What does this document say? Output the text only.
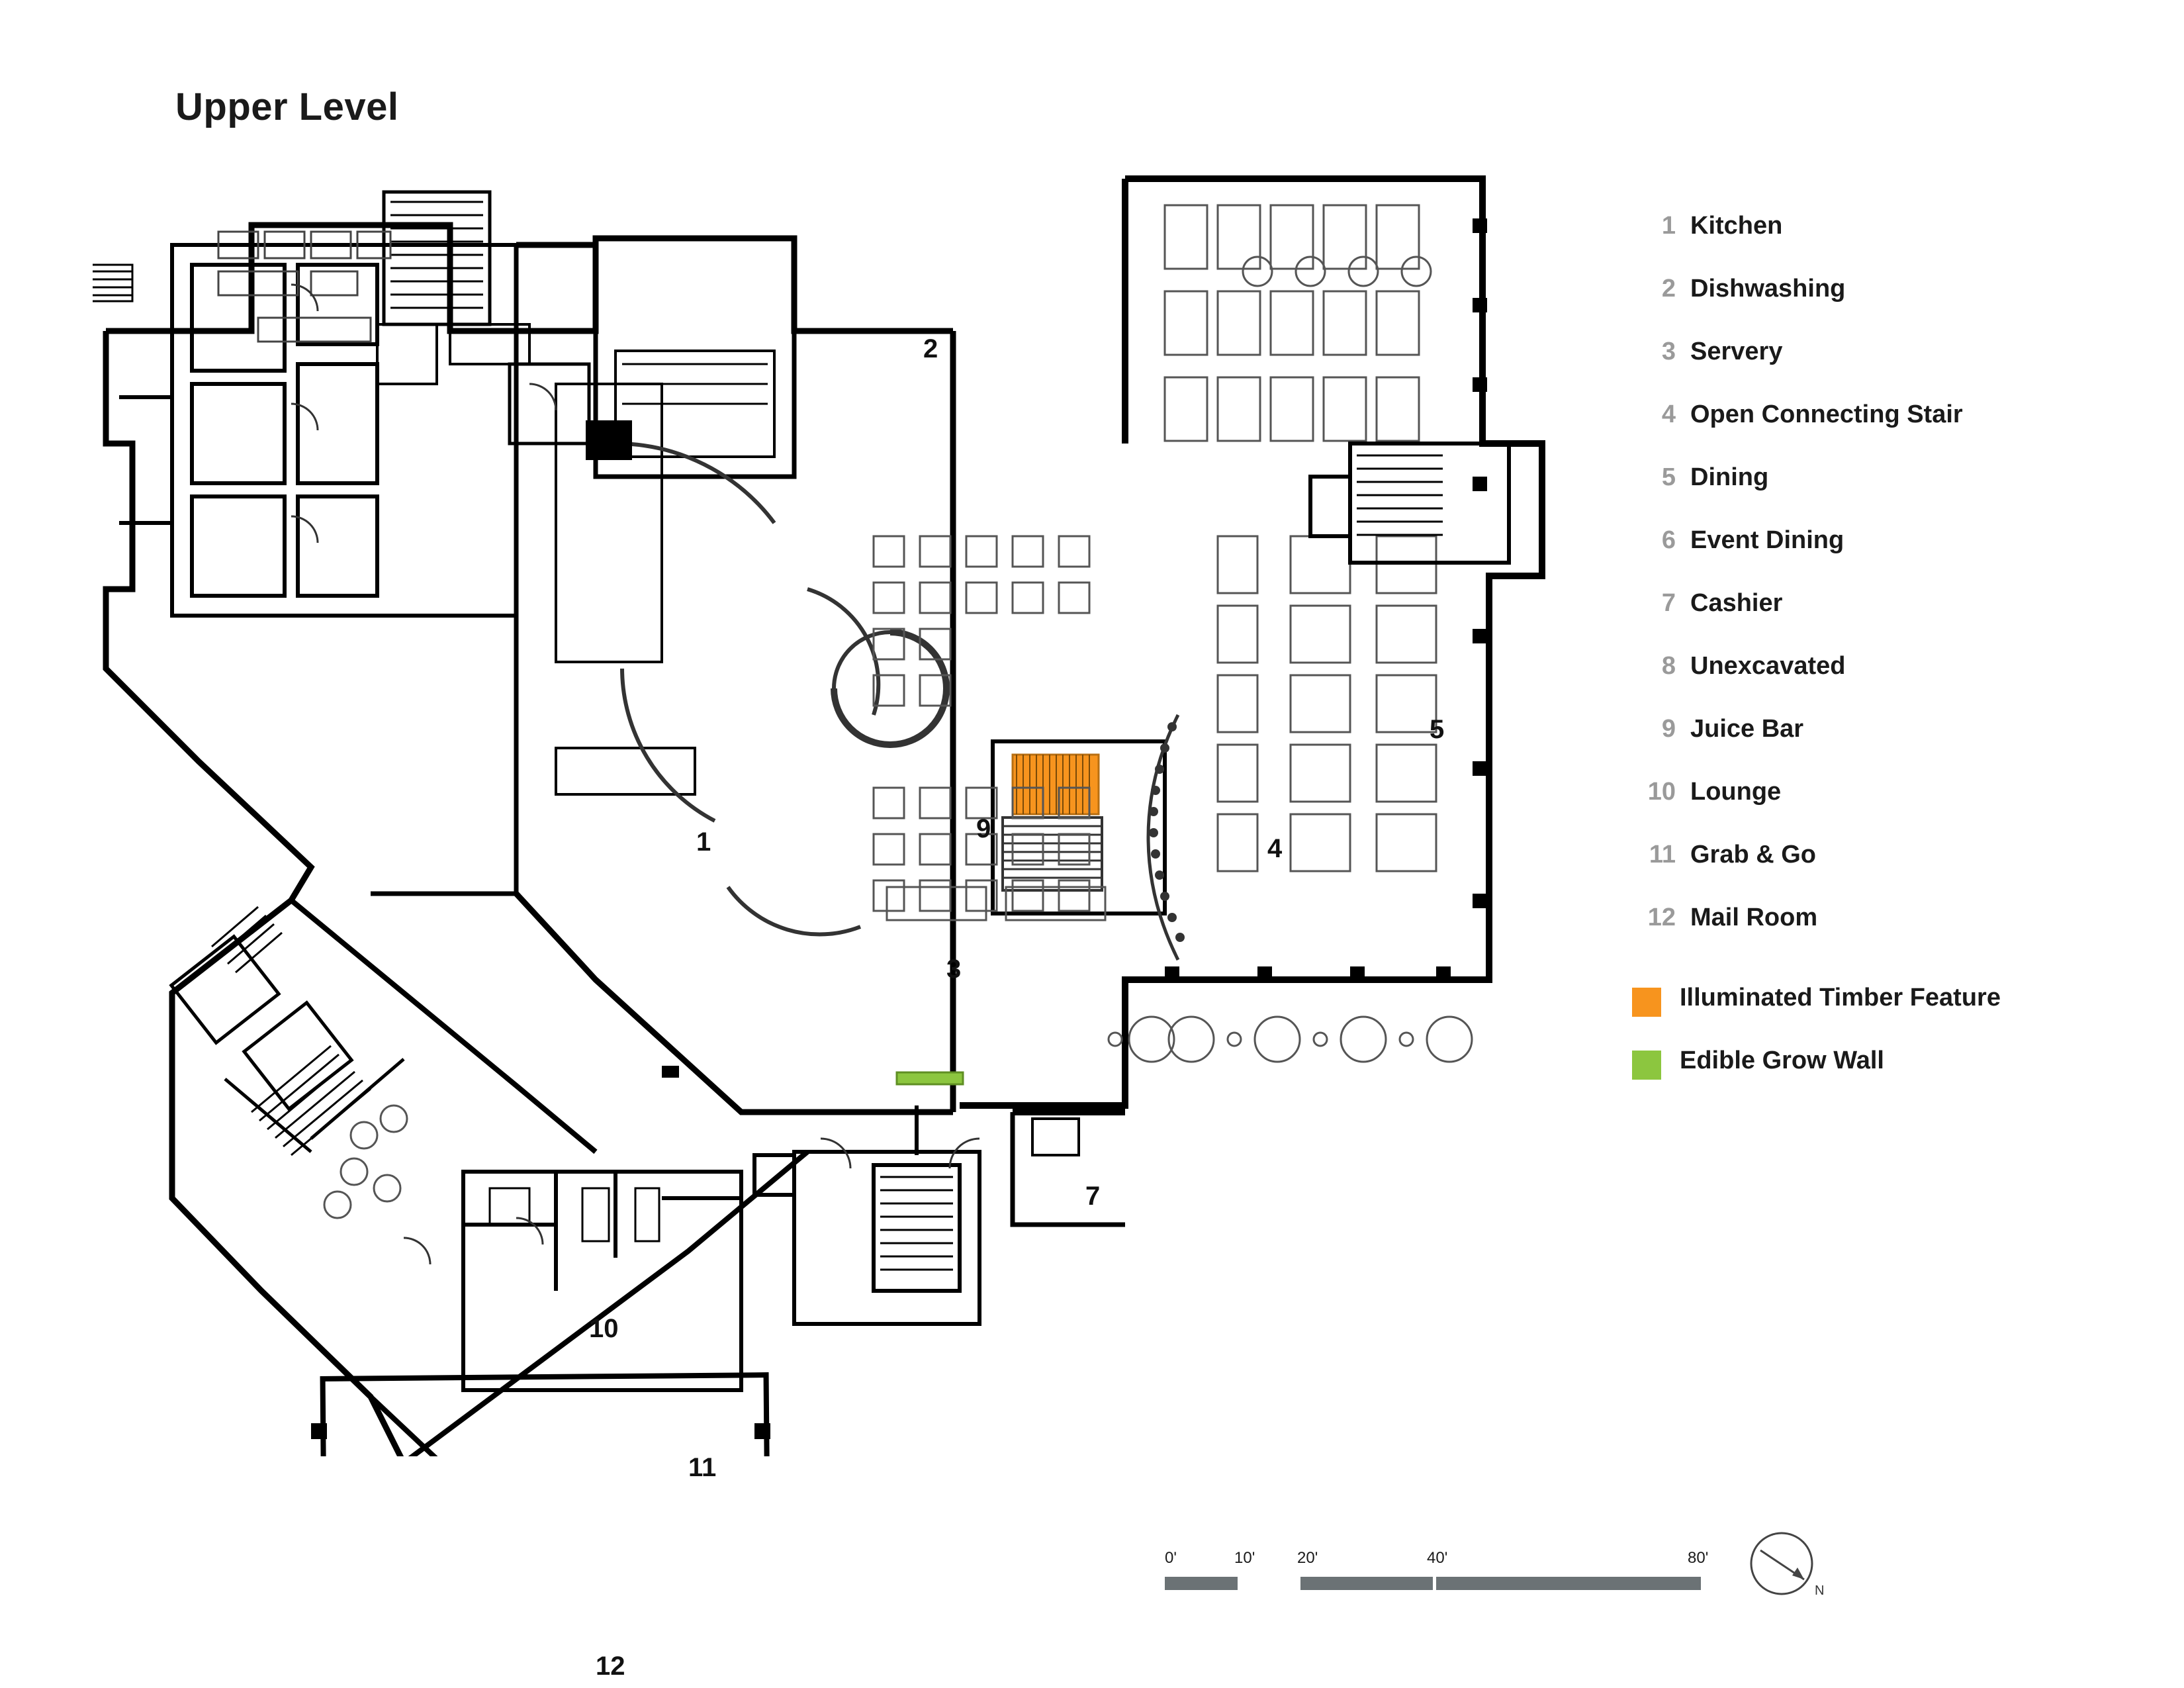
Upper Level
1
2
3
4
5
7
9
10
11
12
1 Kitchen
2 Dishwashing
3 Servery
4 Open Connecting Stair
5 Dining
6 Event Dining
7 Cashier
8 Unexcavated
9 Juice Bar
10 Lounge
11 Grab & Go
12 Mail Room
Illuminated Timber Feature
Edible Grow Wall
0'	10'	20'	40'	80'
N
